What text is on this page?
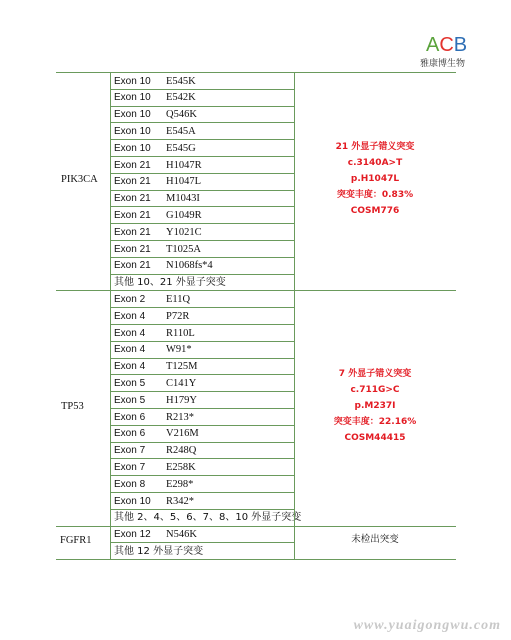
ACB
雅康博生物
Exon 10 E545K
Exon 10 E542K
Exon 10 Q546K
Exon 10 E545A
Exon 10 E545G
Exon 21 H1047R
Exon 21 H1047L
Exon 21 M1043I
Exon 21 G1049R
Exon 21 Y1021C
Exon 21 T1025A
Exon 21 N1068fs*4
其他 10、21 外显子突变
PIK3CA
21 外显子错义突变
c.3140A>T
p.H1047L
突变丰度：0.83%
COSM776
Exon 2 E11Q
Exon 4 P72R
Exon 4 R110L
Exon 4 W91*
Exon 4 T125M
Exon 5 C141Y
Exon 5 H179Y
Exon 6 R213*
Exon 6 V216M
Exon 7 R248Q
Exon 7 E258K
Exon 8 E298*
Exon 10 R342*
其他 2、4、5、6、7、8、10 外显子突变
TP53
7 外显子错义突变
c.711G>C
p.M237I
突变丰度：22.16%
COSM44415
Exon 12 N546K
其他 12 外显子突变
FGFR1	未检出突变
www.yuaigongwu.com
